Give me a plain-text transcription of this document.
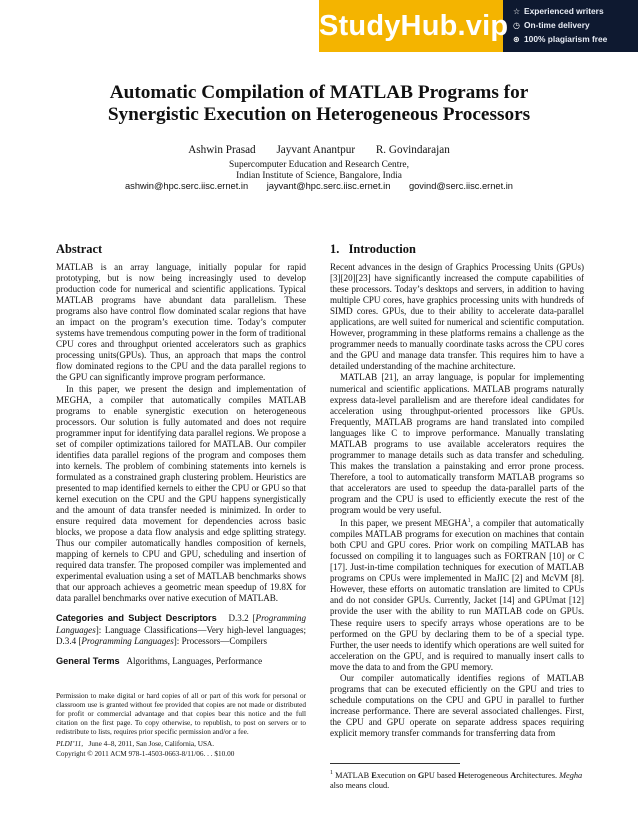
StudyHub.vip ☆ Experienced writers
◷ On-time delivery
⊛ 100% plagiarism free
Automatic Compilation of MATLAB Programs for
Synergistic Execution on Heterogeneous Processors
Ashwin Prasad Jayvant Anantpur R. Govindarajan
Supercomputer Education and Research Centre,
Indian Institute of Science, Bangalore, India
ashwin@hpc.serc.iisc.ernet.in jayvant@hpc.serc.iisc.ernet.in govind@serc.iisc.ernet.in
Abstract

MATLAB is an array language, initially popular for rapid prototyping, but is now being increasingly used to develop production code for numerical and scientific applications. Typical MATLAB programs have abundant data parallelism. These programs also have control flow dominated scalar regions that have an impact on the program’s execution time. Today’s computer systems have tremendous computing power in the form of traditional CPU cores and throughput oriented accelerators such as graphics processing units(GPUs). Thus, an approach that maps the control flow dominated regions to the CPU and the data parallel regions to the GPU can significantly improve program performance.

In this paper, we present the design and implementation of MEGHA, a compiler that automatically compiles MATLAB programs to enable synergistic execution on heterogeneous processors. Our solution is fully automated and does not require programmer input for identifying data parallel regions. We propose a set of compiler optimizations tailored for MATLAB. Our compiler identifies data parallel regions of the program and composes them into kernels. The problem of combining statements into kernels is formulated as a constrained graph clustering problem. Heuristics are presented to map identified kernels to either the CPU or GPU so that kernel execution on the CPU and the GPU happens synergistically and the amount of data transfer needed is minimized. In order to ensure required data movement for dependencies across basic blocks, we propose a data flow analysis and edge splitting strategy. Thus our compiler automatically handles composition of kernels, mapping of kernels to CPU and GPU, scheduling and insertion of required data transfer. The proposed compiler was implemented and experimental evaluation using a set of MATLAB benchmarks shows that our approach achieves a geometric mean speedup of 19.8X for data parallel benchmarks over native execution of MATLAB.

Categories and Subject Descriptors D.3.2 [Programming Languages]: Language Classifications—Very high-level languages; D.3.4 [Programming Languages]: Processors—Compilers

General Terms Algorithms, Languages, Performance

Permission to make digital or hard copies of all or part of this work for personal or classroom use is granted without fee provided that copies are not made or distributed for profit or commercial advantage and that copies bear this notice and the full citation on the first page. To copy otherwise, to republish, to post on servers or to redistribute to lists, requires prior specific permission and/or a fee.
PLDI’11, June 4–8, 2011, San Jose, California, USA.
Copyright © 2011 ACM 978-1-4503-0663-8/11/06. . . $10.00
1.   Introduction

Recent advances in the design of Graphics Processing Units (GPUs) [3][20][23] have significantly increased the compute capabilities of these processors. Today’s desktops and servers, in addition to having multiple CPU cores, have graphics processing units with hundreds of SIMD cores. GPUs, due to their ability to accelerate data-parallel applications, are well suited for numerical and scientific computation. However, programming in these platforms remains a challenge as the programmer needs to manually coordinate tasks across the CPU cores and the GPU and manage data transfer. This requires him to have a detailed understanding of the machine architecture.

MATLAB [21], an array language, is popular for implementing numerical and scientific applications. MATLAB programs naturally express data-level parallelism and are therefore ideal candidates for acceleration using throughput-oriented processors like GPUs. Frequently, MATLAB programs are hand translated into compiled languages like C to improve performance. Manually translating MATLAB programs to use available accelerators requires the programmer to manage details such as data transfer and scheduling. This makes the translation a painstaking and error prone process. Therefore, a tool to automatically transform MATLAB programs so that accelerators are used to speedup the data-parallel parts of the program and the CPU is used to efficiently execute the rest of the program would be very useful.

In this paper, we present MEGHA$^1$, a compiler that automatically compiles MATLAB programs for execution on machines that contain both CPU and GPU cores. Prior work on compiling MATLAB has focussed on compiling it to languages such as FORTRAN [10] or C [17]. Just-in-time compilation techniques for execution of MATLAB programs on CPUs were implemented in MaJIC [2] and McVM [8]. However, these efforts on automatic translation are limited to CPUs and do not consider GPUs. Currently, Jacket [14] and GPUmat [12] provide the user with the ability to run MATLAB code on GPUs. These require users to specify arrays whose operations are to be performed on the GPU by declaring them to be of a special type. Further, the user needs to identify which operations are well suited for acceleration on the GPU, and is required to manually insert calls to move the data to and from the GPU memory.

Our compiler automatically identifies regions of MATLAB programs that can be executed efficiently on the GPU and tries to schedule computations on the CPU and GPU in parallel to further increase performance. There are several associated challenges. First, the CPU and GPU operate on separate address spaces requiring explicit memory transfer commands for transferring data from

$^1$ MATLAB Execution on GPU based Heterogeneous Architectures. Megha also means cloud.
